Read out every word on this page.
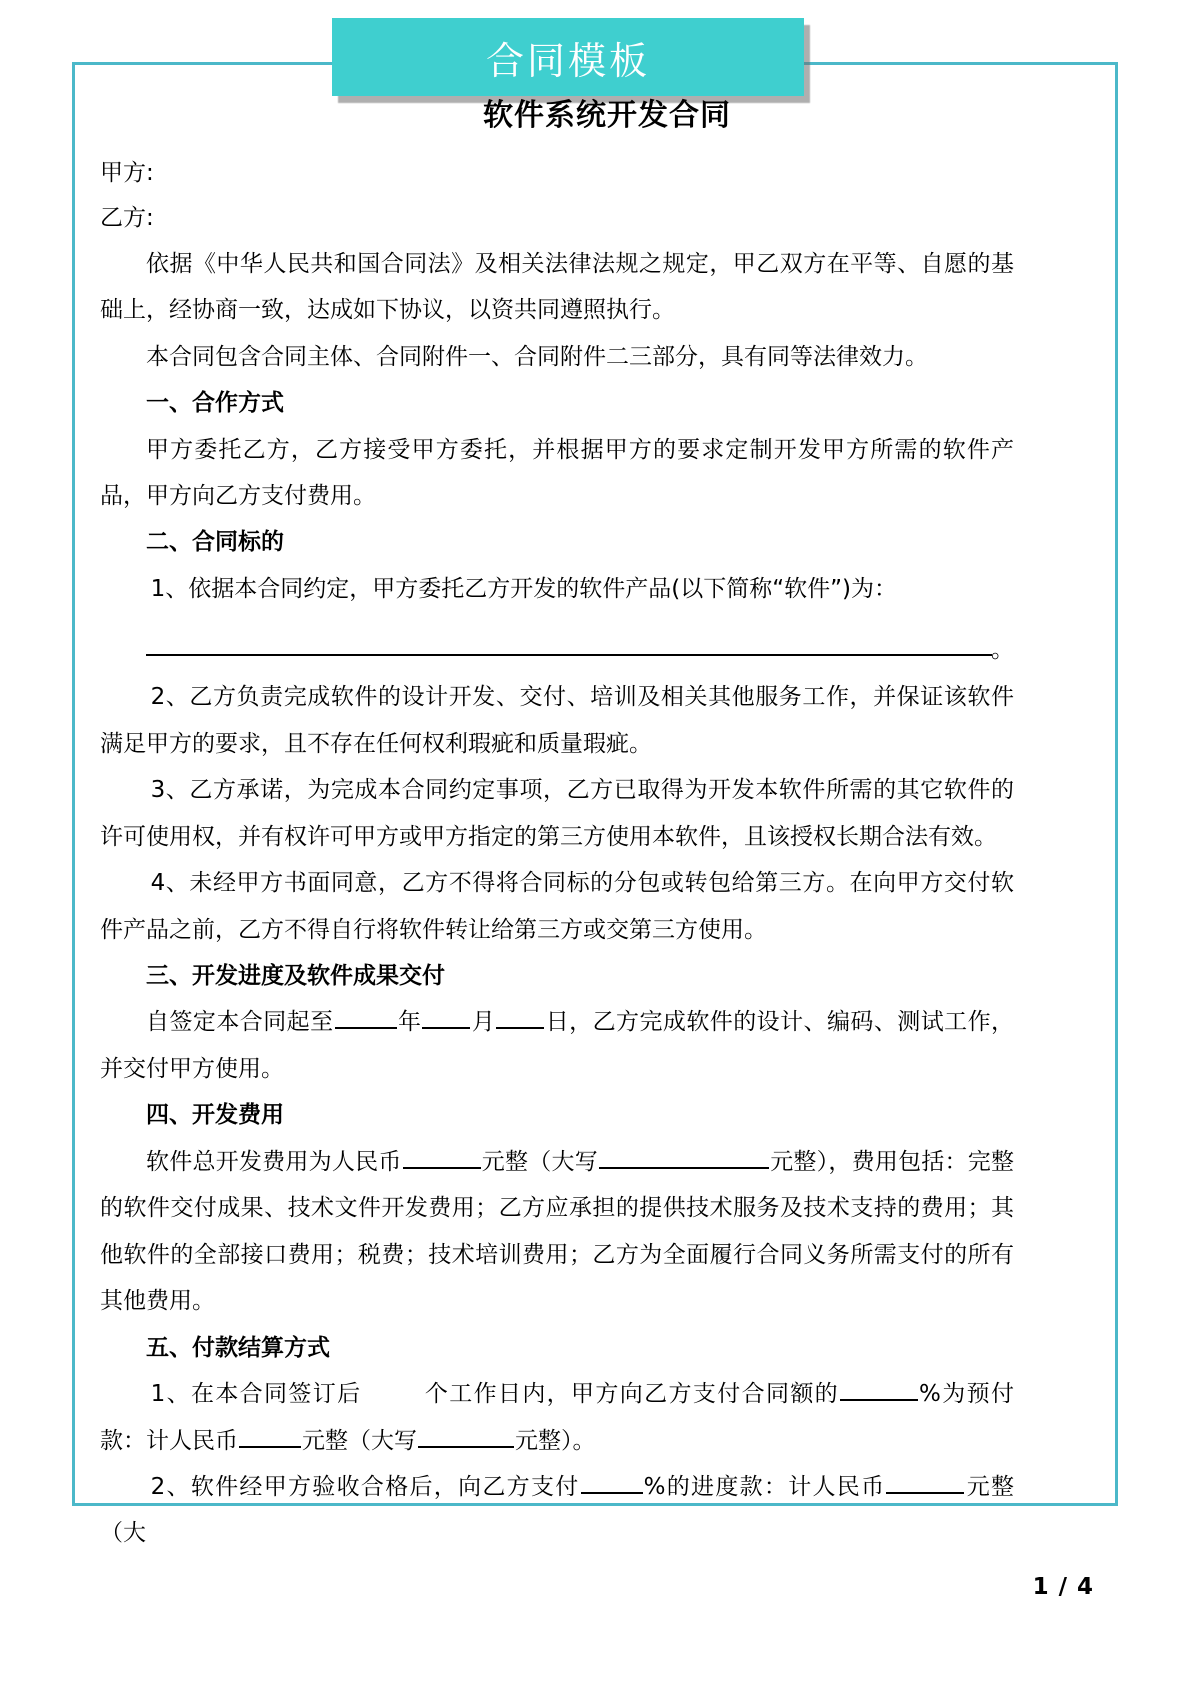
合同模板
软件系统开发合同
甲方:
乙方:

依据《中华人民共和国合同法》及相关法律法规之规定，甲乙双方在平等、自愿的基础上，经协商一致，达成如下协议，以资共同遵照执行。

本合同包含合同主体、合同附件一、合同附件二三部分，具有同等法律效力。

一、合作方式

甲方委托乙方，乙方接受甲方委托，并根据甲方的要求定制开发甲方所需的软件产品，甲方向乙方支付费用。

二、合同标的

1、依据本合同约定，甲方委托乙方开发的软件产品(以下简称“软件”)为：

。

2、乙方负责完成软件的设计开发、交付、培训及相关其他服务工作，并保证该软件满足甲方的要求，且不存在任何权利瑕疵和质量瑕疵。

3、乙方承诺，为完成本合同约定事项，乙方已取得为开发本软件所需的其它软件的许可使用权，并有权许可甲方或甲方指定的第三方使用本软件，且该授权长期合法有效。

4、未经甲方书面同意，乙方不得将合同标的分包或转包给第三方。在向甲方交付软件产品之前，乙方不得自行将软件转让给第三方或交第三方使用。

三、开发进度及软件成果交付

自签定本合同起至	年 月 日，乙方完成软件的设计、编码、测试工作，并交付甲方使用。

四、开发费用

软件总开发费用为人民币	元整（大写	元整），费用包括：完整的软件交付成果、技术文件开发费用；乙方应承担的提供技术服务及技术支持的费用；其他软件的全部接口费用；税费；技术培训费用；乙方为全面履行合同义务所需支付的所有其他费用。

五、付款结算方式

1、在本合同签订后	个工作日内，甲方向乙方支付合同额的	%为预付款：计人民币	元整（大写	元整）。

2、软件经甲方验收合格后，向乙方支付	%的进度款：计人民币	元整（大

1 / 4
